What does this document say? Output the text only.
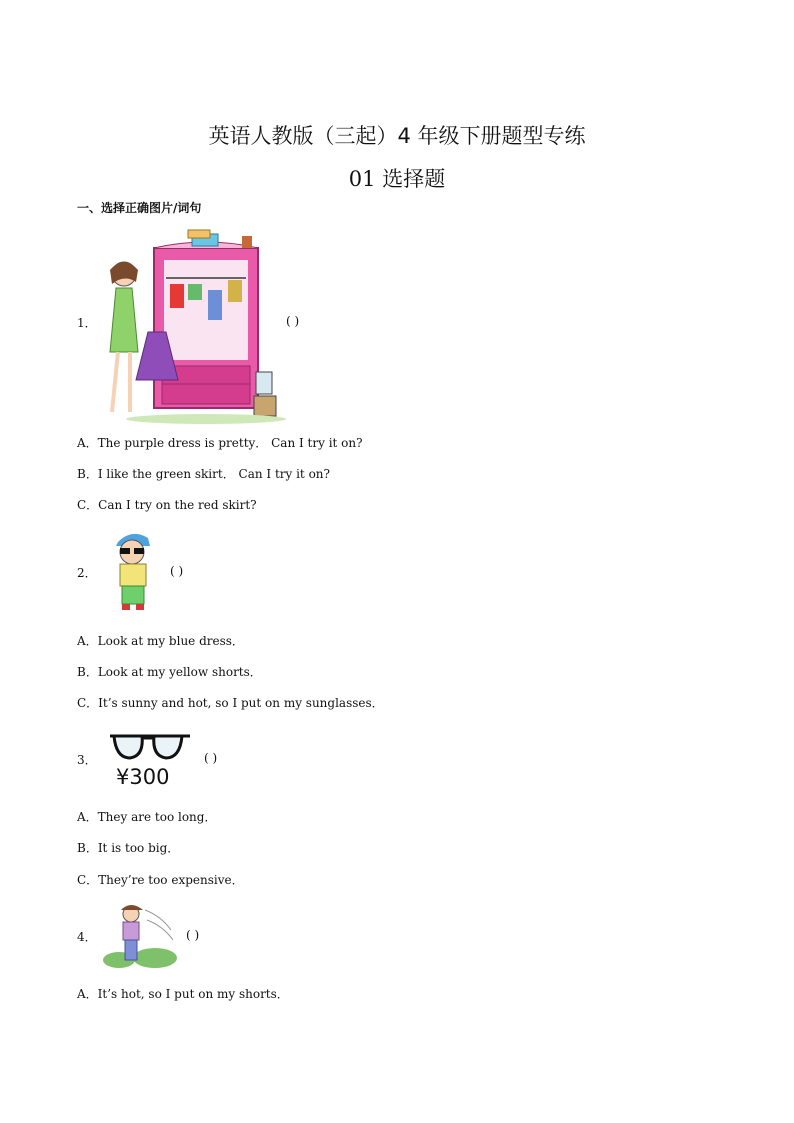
英语人教版（三起）4 年级下册题型专练
01 选择题
一、选择正确图片/词句
1．	( )
A．The purple dress is pretty． Can I try it on?
B．I like the green skirt． Can I try it on?
C．Can I try on the red skirt?
2．	( )
A．Look at my blue dress．
B．Look at my yellow shorts．
C．It’s sunny and hot, so I put on my sunglasses．
3．
¥300
( )
A．They are too long．
B．It is too big．
C．They’re too expensive．
4．	( )
A．It’s hot, so I put on my shorts．
